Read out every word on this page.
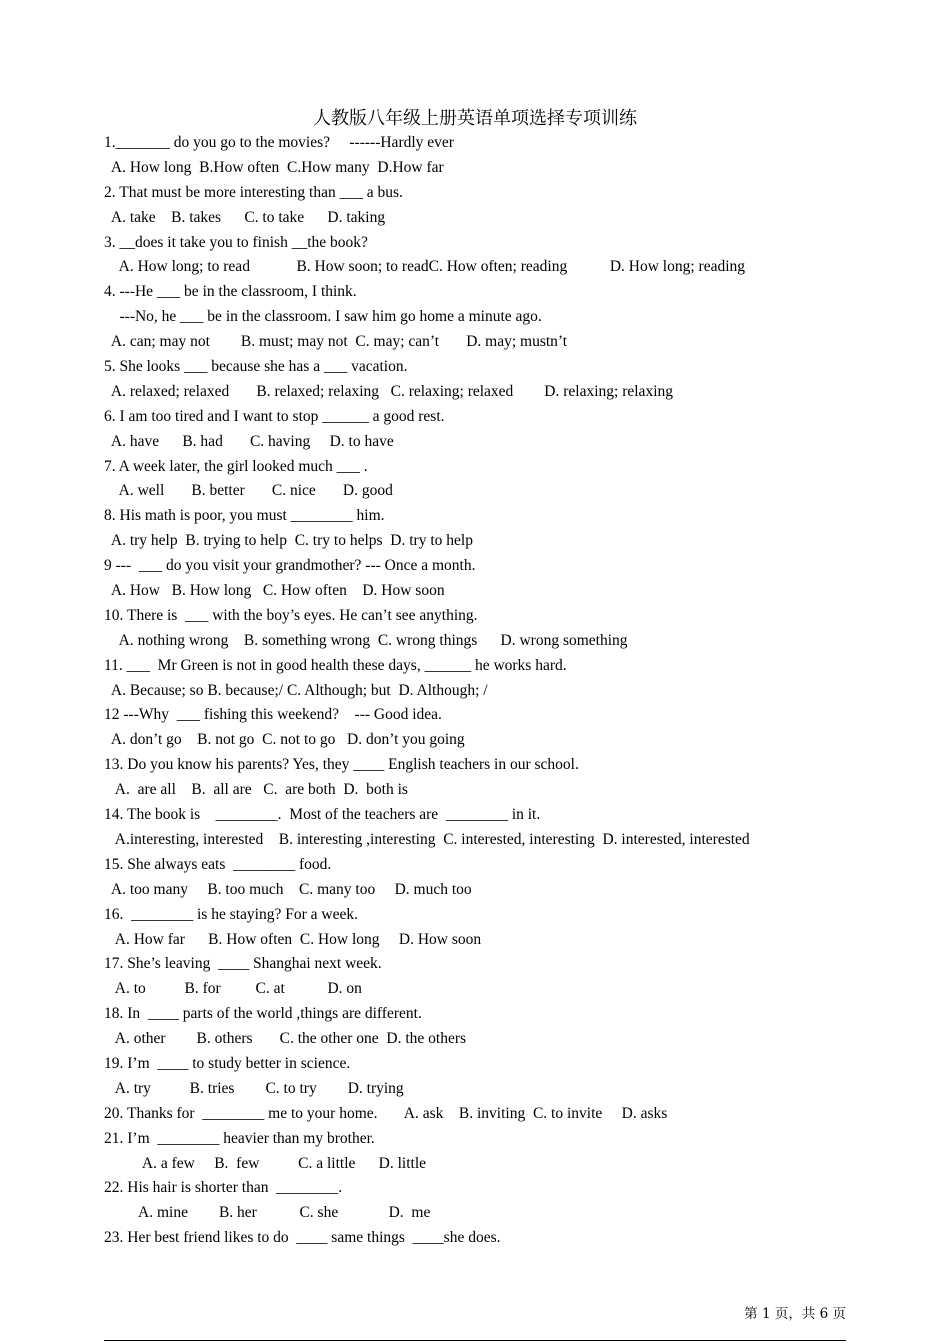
人教版八年级上册英语单项选择专项训练
1._______ do you go to the movies?     ------Hardly ever
A. How long  B.How often  C.How many  D.How far
2. That must be more interesting than ___ a bus.
A. take    B. takes      C. to take      D. taking
3. __does it take you to finish __the book?
A. How long; to read            B. How soon; to readC. How often; reading           D. How long; reading
4. ---He ___ be in the classroom, I think.
---No, he ___ be in the classroom. I saw him go home a minute ago.
A. can; may not        B. must; may not  C. may; can’t       D. may; mustn’t
5. She looks ___ because she has a ___ vacation.
A. relaxed; relaxed       B. relaxed; relaxing   C. relaxing; relaxed        D. relaxing; relaxing
6. I am too tired and I want to stop ______ a good rest.
A. have      B. had       C. having     D. to have
7. A week later, the girl looked much ___ .
A. well       B. better       C. nice       D. good
8. His math is poor, you must ________ him.
A. try help  B. trying to help  C. try to helps  D. try to help
9 ---  ___ do you visit your grandmother? --- Once a month.
A. How   B. How long   C. How often    D. How soon
10. There is  ___ with the boy’s eyes. He can’t see anything.
A. nothing wrong    B. something wrong  C. wrong things      D. wrong something
11. ___  Mr Green is not in good health these days, ______ he works hard.
A. Because; so B. because;/ C. Although; but  D. Although; /
12 ---Why  ___ fishing this weekend?    --- Good idea.
A. don’t go    B. not go  C. not to go   D. don’t you going
13. Do you know his parents? Yes, they ____ English teachers in our school.
A.  are all    B.  all are   C.  are both  D.  both is
14. The book is    ________.  Most of the teachers are  ________ in it.
A.interesting, interested    B. interesting ,interesting  C. interested, interesting  D. interested, interested
15. She always eats  ________ food.
A. too many     B. too much    C. many too     D. much too
16.  ________ is he staying? For a week.
A. How far      B. How often  C. How long     D. How soon
17. She’s leaving  ____ Shanghai next week.
A. to          B. for         C. at           D. on
18. In  ____ parts of the world ,things are different.
A. other        B. others       C. the other one  D. the others
19. I’m  ____ to study better in science.
A. try          B. tries        C. to try        D. trying
20. Thanks for  ________ me to your home.       A. ask    B. inviting  C. to invite     D. asks
21. I’m  ________ heavier than my brother.
A. a few     B.  few          C. a little      D. little
22. His hair is shorter than  ________.
A. mine        B. her           C. she             D.  me
23. Her best friend likes to do  ____ same things  ____she does.
第 1 页，共 6 页
